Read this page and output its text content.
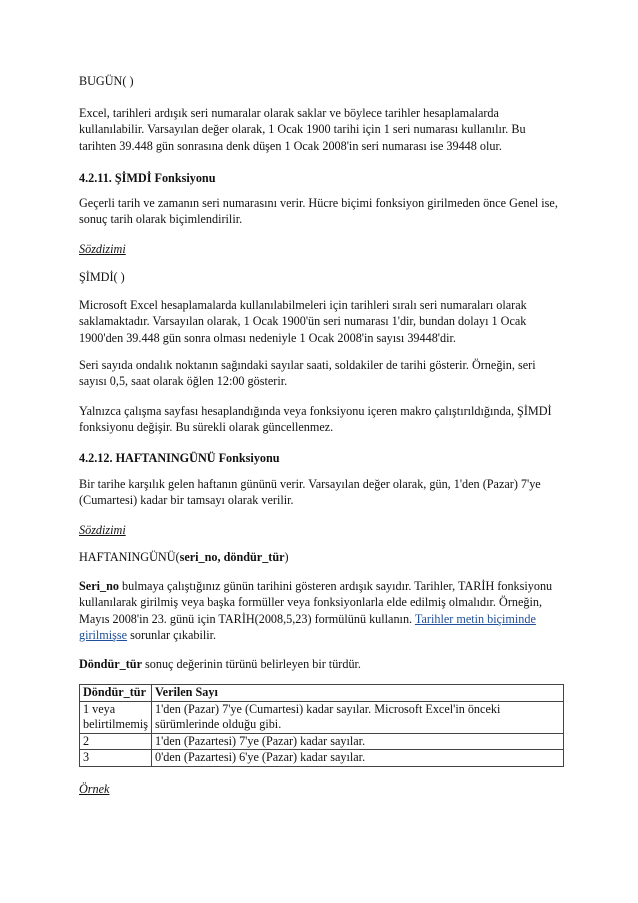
BUGÜN( )

Excel, tarihleri ardışık seri numaralar olarak saklar ve böylece tarihler hesaplamalarda kullanılabilir. Varsayılan değer olarak, 1 Ocak 1900 tarihi için 1 seri numarası kullanılır. Bu tarihten 39.448 gün sonrasına denk düşen 1 Ocak 2008'in seri numarası ise 39448 olur.

4.2.11. ŞİMDİ Fonksiyonu

Geçerli tarih ve zamanın seri numarasını verir. Hücre biçimi fonksiyon girilmeden önce Genel ise, sonuç tarih olarak biçimlendirilir.

Sözdizimi

ŞİMDİ( )

Microsoft Excel hesaplamalarda kullanılabilmeleri için tarihleri sıralı seri numaraları olarak saklamaktadır. Varsayılan olarak, 1 Ocak 1900'ün seri numarası 1'dir, bundan dolayı 1 Ocak 1900'den 39.448 gün sonra olması nedeniyle 1 Ocak 2008'in sayısı 39448'dir.

Seri sayıda ondalık noktanın sağındaki sayılar saati, soldakiler de tarihi gösterir. Örneğin, seri sayısı 0,5, saat olarak öğlen 12:00 gösterir.

Yalnızca çalışma sayfası hesaplandığında veya fonksiyonu içeren makro çalıştırıldığında, ŞİMDİ fonksiyonu değişir. Bu sürekli olarak güncellenmez.

4.2.12. HAFTANINGÜNÜ Fonksiyonu

Bir tarihe karşılık gelen haftanın gününü verir. Varsayılan değer olarak, gün, 1'den (Pazar) 7'ye (Cumartesi) kadar bir tamsayı olarak verilir.

Sözdizimi

HAFTANINGÜNÜ(seri_no, döndür_tür)

Seri_no bulmaya çalıştığınız günün tarihini gösteren ardışık sayıdır. Tarihler, TARİH fonksiyonu kullanılarak girilmiş veya başka formüller veya fonksiyonlarla elde edilmiş olmalıdır. Örneğin, Mayıs 2008'in 23. günü için TARİH(2008,5,23) formülünü kullanın. Tarihler metin biçiminde girilmişse sorunlar çıkabilir.

Döndür_tür sonuç değerinin türünü belirleyen bir türdür.

Döndür_tür	Verilen Sayı
1 veya belirtilmemiş	1'den (Pazar) 7'ye (Cumartesi) kadar sayılar. Microsoft Excel'in önceki sürümlerinde olduğu gibi.
2	1'den (Pazartesi) 7'ye (Pazar) kadar sayılar.
3	0'den (Pazartesi) 6'ye (Pazar) kadar sayılar.

Örnek
